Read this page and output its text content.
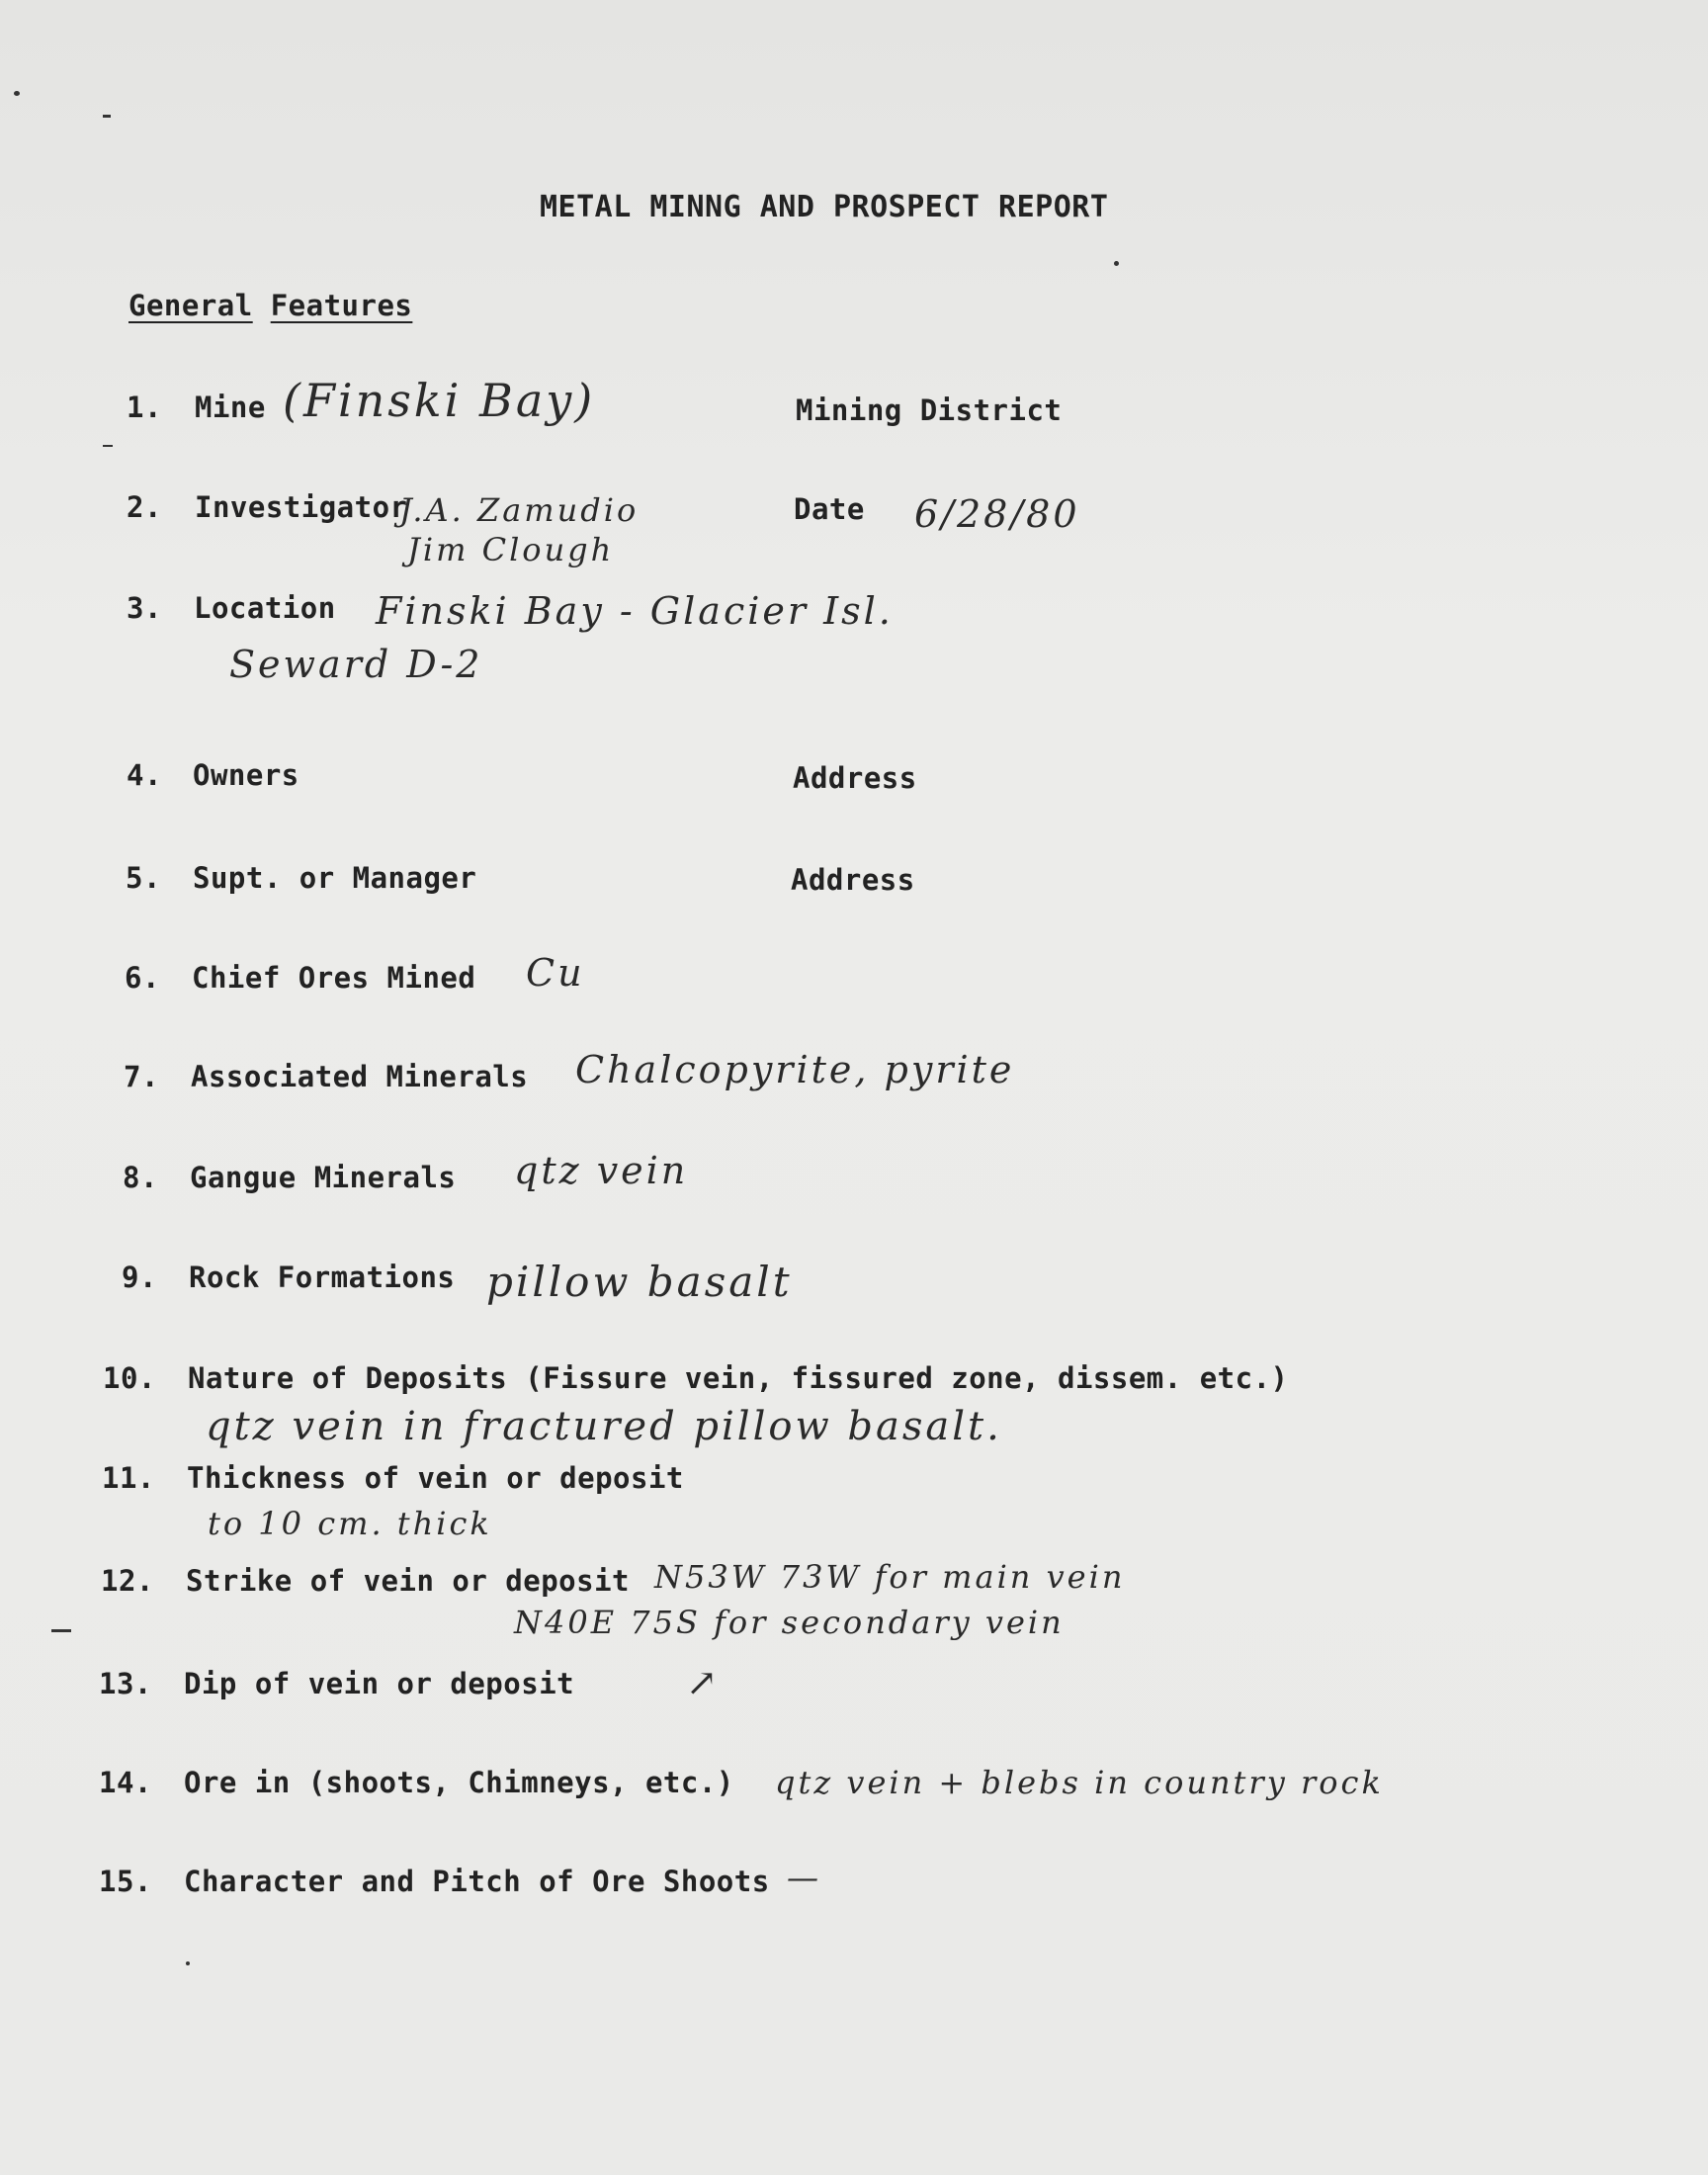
METAL MINNG AND PROSPECT REPORT
General Features
1. Mine (Finski Bay)	Mining District
2. Investigator
J.A. Zamudio
Jim Clough
Date 6/28/80
3. Location Finski Bay - Glacier Isl.
Seward D-2
4. Owners	Address
5. Supt. or Manager	Address
6. Chief Ores Mined Cu
7. Associated Minerals Chalcopyrite, pyrite
8. Gangue Minerals qtz vein
9. Rock Formations pillow basalt
10. Nature of Deposits (Fissure vein, fissured zone, dissem. etc.)
qtz vein in fractured pillow basalt.
11. Thickness of vein or deposit
to 10 cm. thick
12. Strike of vein or deposit N53W 73W for main vein
N40E 75S for secondary vein
13. Dip of vein or deposit	↗
14. Ore in (shoots, Chimneys, etc.) qtz vein + blebs in country rock
15. Character and Pitch of Ore Shoots —
